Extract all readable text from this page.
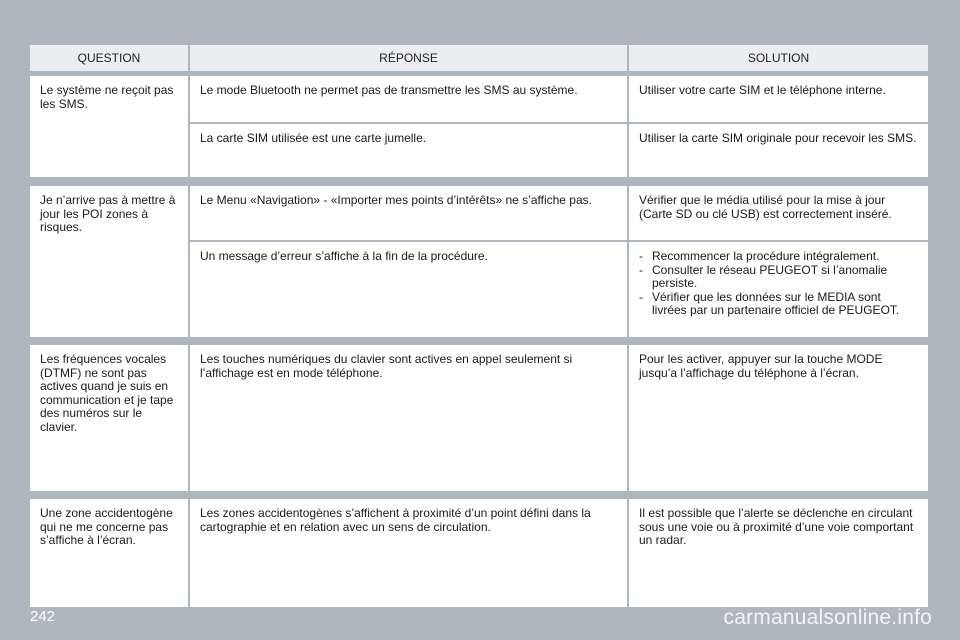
QUESTION	RÉPONSE	SOLUTION
Le système ne reçoit pas les SMS.
Le mode Bluetooth ne permet pas de transmettre les SMS au système.	Utiliser votre carte SIM et le téléphone interne.
La carte SIM utilisée est une carte jumelle.	Utiliser la carte SIM originale pour recevoir les SMS.
Je n’arrive pas à mettre à jour les POI zones à risques.
Le Menu «Navigation» - «Importer mes points d’intérêts» ne s’affiche pas.	Vérifier que le média utilisé pour la mise à jour (Carte SD ou clé USB) est correctement inséré.
Un message d’erreur s’affiche à la fin de la procédure.
-	Recommencer la procédure intégralement.
- Consulter le réseau PEUGEOT si l’anomalie persiste.
- Vérifier que les données sur le MEDIA sont livrées par un partenaire officiel de PEUGEOT.
Les fréquences vocales (DTMF) ne sont pas actives quand je suis en communication et je tape des numéros sur le clavier.
Les touches numériques du clavier sont actives en appel seulement si l’affichage est en mode téléphone.
Pour les activer, appuyer sur la touche MODE jusqu’a l’affichage du téléphone à l’écran.
Une zone accidentogène qui ne me concerne pas s’affiche à l’écran.
Les zones accidentogènes s’affichent à proximité d’un point défini dans la cartographie et en relation avec un sens de circulation.
Il est possible que l’alerte se déclenche en circulant sous une voie ou à proximité d’une voie comportant un radar.
242	carmanualsonline.info
